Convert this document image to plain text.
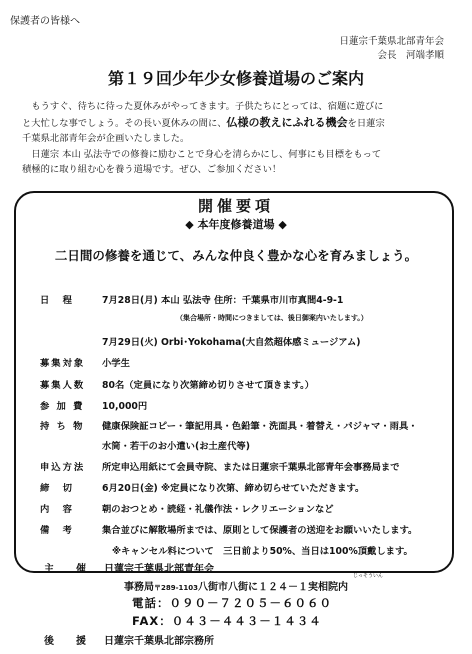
保護者の皆様へ
日蓮宗千葉県北部青年会
会長　河端孝順
第１９回少年少女修養道場のご案内

　もうすぐ、待ちに待った夏休みがやってきます。子供たちにとっては、宿題に遊びに

と大忙しな事でしょう。その長い夏休みの間に、仏様の教えにふれる機会を日蓮宗

千葉県北部青年会が企画いたしました。

　日蓮宗 本山 弘法寺での修養に励むことで身心を清らかにし、何事にも目標をもって

積極的に取り組む心を養う道場です。ぜひ、ご参加ください！

開催要項
◆ 本年度修養道場 ◆
二日間の修養を通じて、みんな仲良く豊かな心を育みましょう。
日　程	7月28日(月) 本山 弘法寺 住所：千葉県市川市真間4-9-1
（集合場所・時間につきましては、後日御案内いたします。）
7月29日(火) Orbi･Yokohama(大自然超体感ミュージアム)
募集対象 小学生
募集人数 80名（定員になり次第締め切りさせて頂きます。）
参 加 費 10,000円
持 ち 物 健康保険証コピー・筆記用具・色鉛筆・洗面具・着替え・パジャマ・雨具・
水筒・若干のお小遣い(お土産代等)
申込方法 所定申込用紙にて会員寺院、または日蓮宗千葉県北部青年会事務局まで
締　切	6月20日(金) ※定員になり次第、締め切らせていただきます。
内　容	朝のおつとめ・読経・礼儀作法・レクリエーションなど
備　考	集合並びに解散場所までは、原則として保護者の送迎をお願いいたします。
※キャンセル料について　三日前より50%、当日は100%頂戴します。
主　催 日蓮宗千葉県北部青年会
事務局〒289-1103八街市八街に１２４－１実相院内
じっそういん
電話：０９０－７２０５－６０６０
FAX：０４３－４４３－１４３４
後　援 日蓮宗千葉県北部宗務所
